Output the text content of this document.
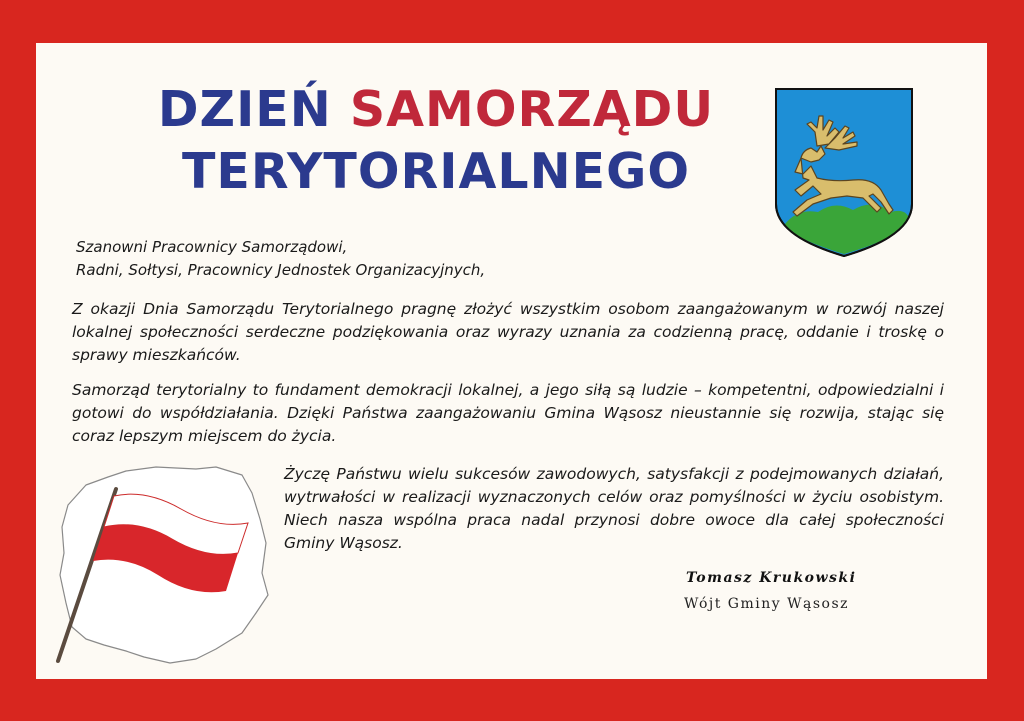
DZIEŃ SAMORZĄDU
TERYTORIALNEGO

Szanowni Pracownicy Samorządowi,
Radni, Sołtysi, Pracownicy Jednostek Organizacyjnych,

Z okazji Dnia Samorządu Terytorialnego pragnę złożyć wszystkim osobom zaangażowanym w rozwój naszej lokalnej społeczności serdeczne podziękowania oraz wyrazy uznania za codzienną pracę, oddanie i troskę o sprawy mieszkańców.

Samorząd terytorialny to fundament demokracji lokalnej, a jego siłą są ludzie – kompetentni, odpowiedzialni i gotowi do współdziałania. Dzięki Państwa zaangażowaniu Gmina Wąsosz nieustannie się rozwija, stając się coraz lepszym miejscem do życia.

Życzę Państwu wielu sukcesów zawodowych, satysfakcji z podejmowanych działań, wytrwałości w realizacji wyznaczonych celów oraz pomyślności w życiu osobistym. Niech nasza wspólna praca nadal przynosi dobre owoce dla całej społeczności Gminy Wąsosz.

Tomasz Krukowski

Wójt Gminy Wąsosz
